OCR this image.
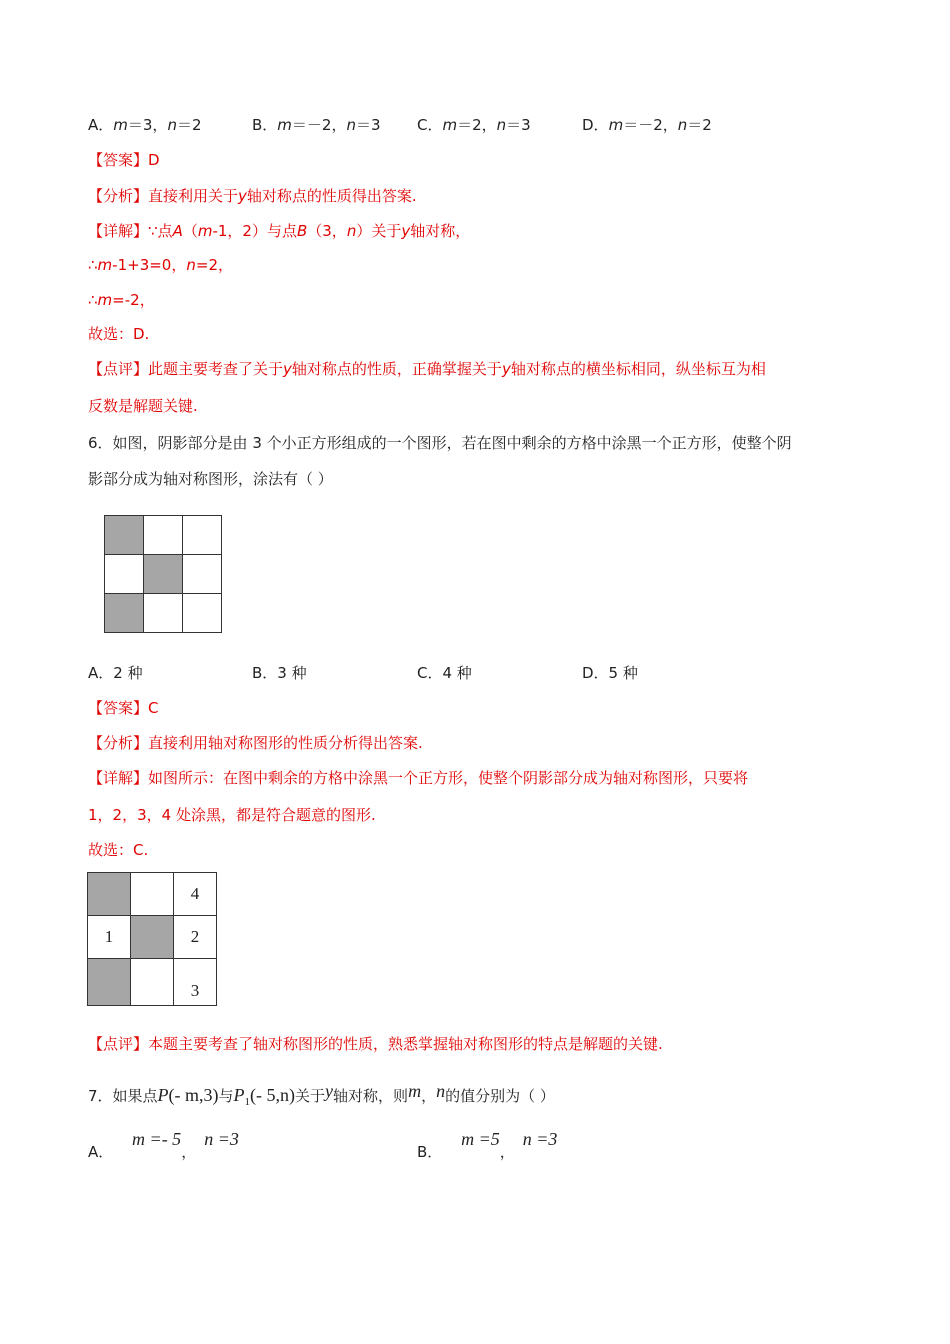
A．m＝3，n＝2	B．m＝－2，n＝3 C．m＝2，n＝3	D．m＝－2，n＝2
【答案】D
【分析】直接利用关于y轴对称点的性质得出答案.
【详解】∵点A（m-1，2）与点B（3，n）关于y轴对称，
∴m-1+3=0，n=2，
∴m=-2，
故选：D.
【点评】此题主要考查了关于y轴对称点的性质，正确掌握关于y轴对称点的横坐标相同，纵坐标互为相
反数是解题关键.
6．如图，阴影部分是由 3 个小正方形组成的一个图形，若在图中剩余的方格中涂黑一个正方形，使整个阴
影部分成为轴对称图形，涂法有（ ）

A．2 种	B．3 种	C．4 种	D．5 种
【答案】C
【分析】直接利用轴对称图形的性质分析得出答案.
【详解】如图所示：在图中剩余的方格中涂黑一个正方形，使整个阴影部分成为轴对称图形，只要将
1，2，3，4 处涂黑，都是符合题意的图形.
故选：C.
		4
1		2
		3
【点评】本题主要考查了轴对称图形的性质，熟悉掌握轴对称图形的特点是解题的关键.
7．如果点P(- m,3)与$P_1(-$ 5,n)关于y轴对称，则m，n的值分别为（ ）
A． m =- 5，n =3
B． m =5，n =3
